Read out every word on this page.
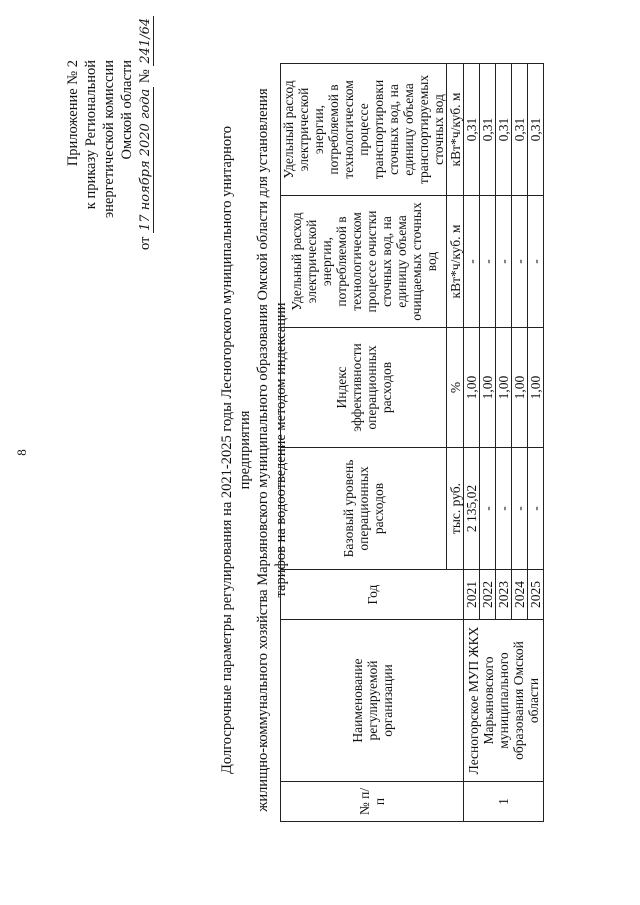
8
Приложение № 2 к приказу Региональной энергетической комиссии Омской области
от 17 ноября 2020 года № 241/64
Долгосрочные параметры регулирования на 2021-2025 годы Лесногорского муниципального унитарного предприятия жилищно-коммунального хозяйства Марьяновского муниципального образования Омской области для установления тарифов на водоотведение методом индексации
№ п/п	Наименование регулируемой организации	Год	Базовый уровень операционных расходов	Индекс эффективности операционных расходов	Удельный расход электрической энергии, потребляемой в технологическом процессе очистки сточных вод, на единицу объема очищаемых сточных вод	Удельный расход электрической энергии, потребляемой в технологическом процессе транспортировки сточных вод, на единицу объема транспортируемых сточных вод
			тыс. руб.	%	кВт*ч/куб. м	кВт*ч/куб. м
1	Лесногорское МУП ЖКХ Марьяновского муниципального образования Омской области	2021	2 135,02	1,00	-	0,31
		2022	-	1,00	-	0,31
		2023	-	1,00	-	0,31
		2024	-	1,00	-	0,31
		2025	-	1,00	-	0,31
